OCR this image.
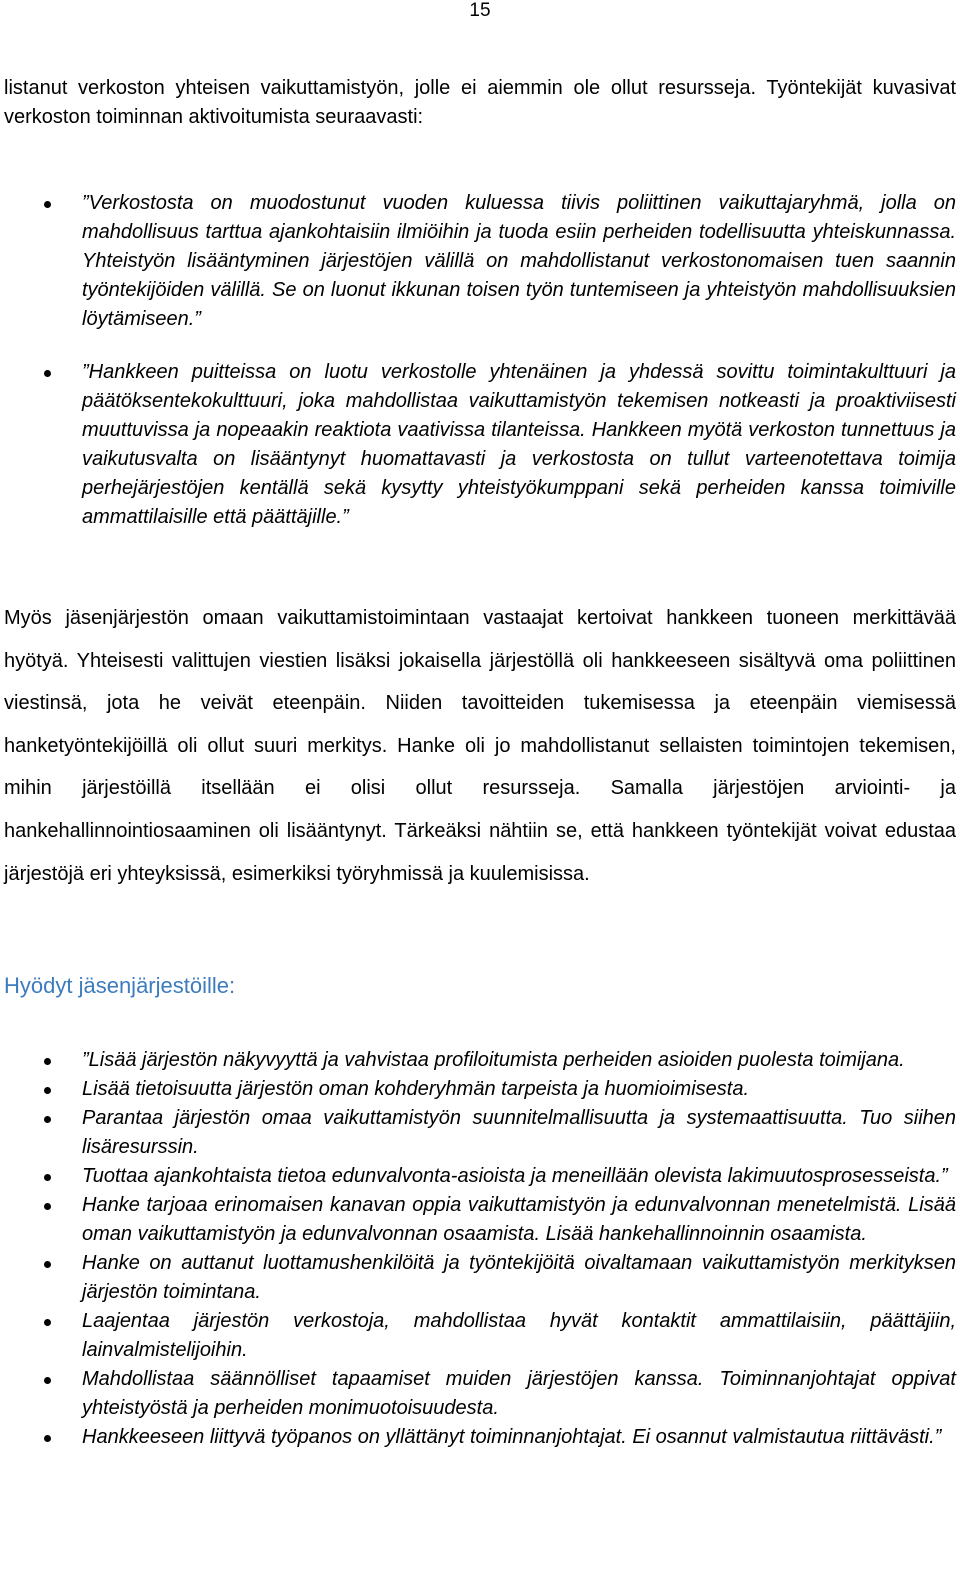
15

listanut verkoston yhteisen vaikuttamistyön, jolle ei aiemmin ole ollut resursseja. Työntekijät kuvasivat verkoston toiminnan aktivoitumista seuraavasti:

”Verkostosta on muodostunut vuoden kuluessa tiivis poliittinen vaikuttajaryhmä, jolla on mahdollisuus tarttua ajankohtaisiin ilmiöihin ja tuoda esiin perheiden todellisuutta yhteiskunnassa. Yhteistyön lisääntyminen järjestöjen välillä on mahdollistanut verkostonomaisen tuen saannin työntekijöiden välillä. Se on luonut ikkunan toisen työn tuntemiseen ja yhteistyön mahdollisuuksien löytämiseen.”
”Hankkeen puitteissa on luotu verkostolle yhtenäinen ja yhdessä sovittu toimintakulttuuri ja päätöksentekokulttuuri, joka mahdollistaa vaikuttamistyön tekemisen notkeasti ja proaktiviisesti muuttuvissa ja nopeaakin reaktiota vaativissa tilanteissa. Hankkeen myötä verkoston tunnettuus ja vaikutusvalta on lisääntynyt huomattavasti ja verkostosta on tullut varteenotettava toimija perhejärjestöjen kentällä sekä kysytty yhteistyökumppani sekä perheiden kanssa toimiville ammattilaisille että päättäjille.”

Myös jäsenjärjestön omaan vaikuttamistoimintaan vastaajat kertoivat hankkeen tuoneen merkittävää hyötyä. Yhteisesti valittujen viestien lisäksi jokaisella järjestöllä oli hankkeeseen sisältyvä oma poliittinen viestinsä, jota he veivät eteenpäin. Niiden tavoitteiden tukemisessa ja eteenpäin viemisessä hanketyöntekijöillä oli ollut suuri merkitys. Hanke oli jo mahdollistanut sellaisten toimintojen tekemisen, mihin järjestöillä itsellään ei olisi ollut resursseja. Samalla järjestöjen arviointi- ja hankehallinnointiosaaminen oli lisääntynyt. Tärkeäksi nähtiin se, että hankkeen työntekijät voivat edustaa järjestöjä eri yhteyksissä, esimerkiksi työryhmissä ja kuulemisissa.

Hyödyt jäsenjärjestöille:
”Lisää järjestön näkyvyyttä ja vahvistaa profiloitumista perheiden asioiden puolesta toimijana.
Lisää tietoisuutta järjestön oman kohderyhmän tarpeista ja huomioimisesta.
Parantaa järjestön omaa vaikuttamistyön suunnitelmallisuutta ja systemaattisuutta. Tuo siihen lisäresurssin.
Tuottaa ajankohtaista tietoa edunvalvonta-asioista ja meneillään olevista lakimuutosprosesseista.”
Hanke tarjoaa erinomaisen kanavan oppia vaikuttamistyön ja edunvalvonnan menetelmistä. Lisää oman vaikuttamistyön ja edunvalvonnan osaamista. Lisää hankehallinnoinnin osaamista.
Hanke on auttanut luottamushenkilöitä ja työntekijöitä oivaltamaan vaikuttamistyön merkityksen järjestön toimintana.
Laajentaa järjestön verkostoja, mahdollistaa hyvät kontaktit ammattilaisiin, päättäjiin, lainvalmistelijoihin.
Mahdollistaa säännölliset tapaamiset muiden järjestöjen kanssa. Toiminnanjohtajat oppivat yhteistyöstä ja perheiden monimuotoisuudesta.
Hankkeeseen liittyvä työpanos on yllättänyt toiminnanjohtajat. Ei osannut valmistautua riittävästi.”
